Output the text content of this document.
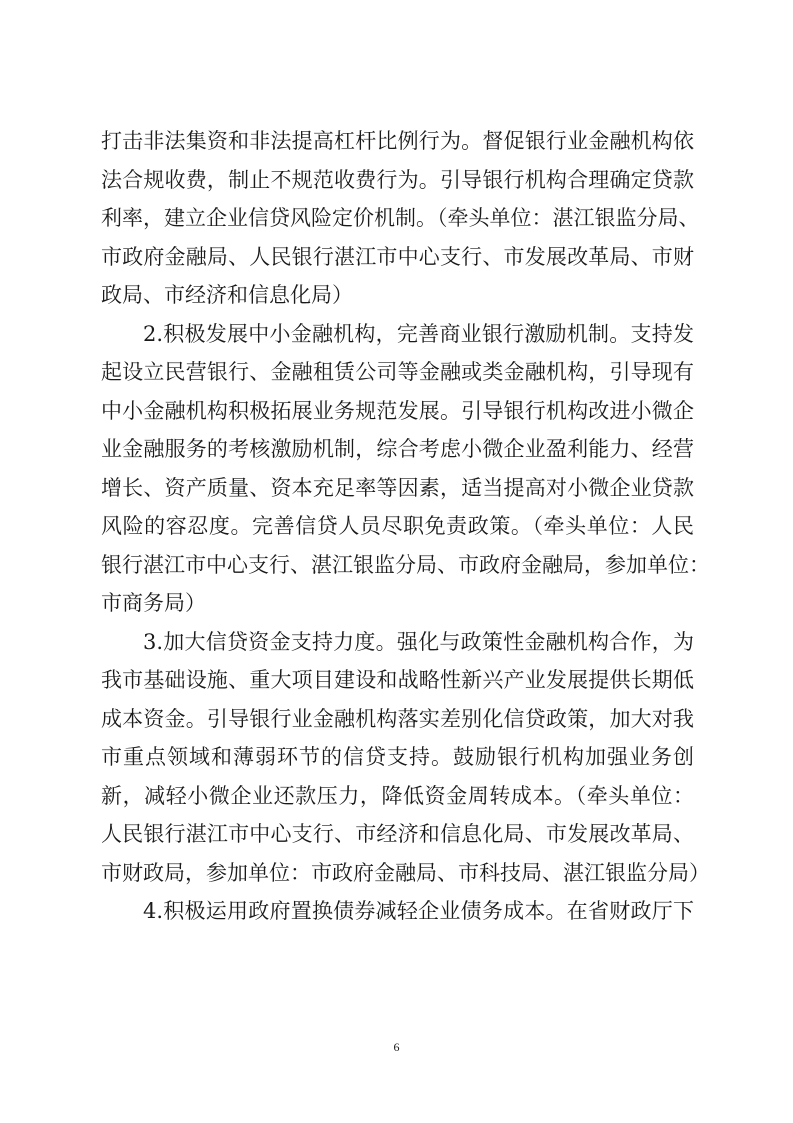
打击非法集资和非法提高杠杆比例行为。督促银行业金融机构依
法合规收费，制止不规范收费行为。引导银行机构合理确定贷款
利率，建立企业信贷风险定价机制。（牵头单位：湛江银监分局、
市政府金融局、人民银行湛江市中心支行、市发展改革局、市财
政局、市经济和信息化局）
2.积极发展中小金融机构，完善商业银行激励机制。支持发
起设立民营银行、金融租赁公司等金融或类金融机构，引导现有
中小金融机构积极拓展业务规范发展。引导银行机构改进小微企
业金融服务的考核激励机制，综合考虑小微企业盈利能力、经营
增长、资产质量、资本充足率等因素，适当提高对小微企业贷款
风险的容忍度。完善信贷人员尽职免责政策。（牵头单位：人民
银行湛江市中心支行、湛江银监分局、市政府金融局，参加单位：
市商务局）
3.加大信贷资金支持力度。强化与政策性金融机构合作，为
我市基础设施、重大项目建设和战略性新兴产业发展提供长期低
成本资金。引导银行业金融机构落实差别化信贷政策，加大对我
市重点领域和薄弱环节的信贷支持。鼓励银行机构加强业务创
新，减轻小微企业还款压力，降低资金周转成本。（牵头单位：
人民银行湛江市中心支行、市经济和信息化局、市发展改革局、
市财政局，参加单位：市政府金融局、市科技局、湛江银监分局）
4.积极运用政府置换债券减轻企业债务成本。在省财政厅下
6
